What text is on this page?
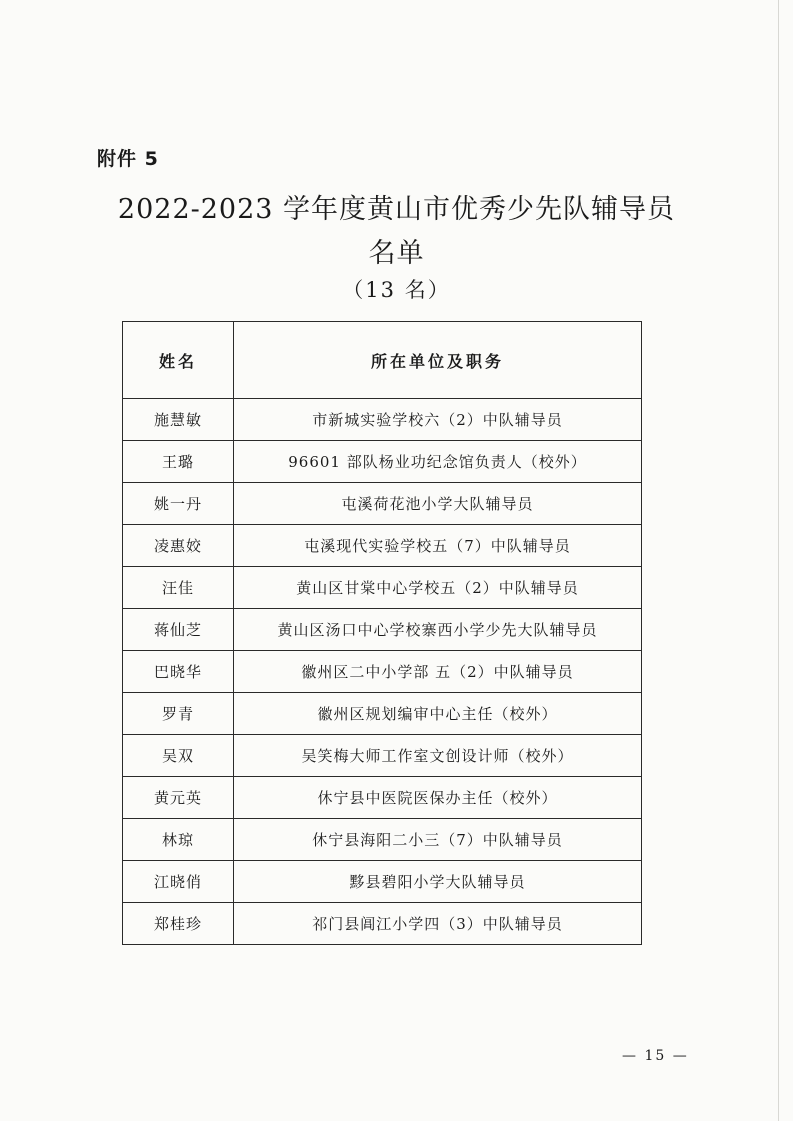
附件 5
2022-2023 学年度黄山市优秀少先队辅导员
名单
（13 名）
姓名	所在单位及职务
施慧敏	市新城实验学校六（2）中队辅导员
王璐	96601 部队杨业功纪念馆负责人（校外）
姚一丹	屯溪荷花池小学大队辅导员
凌惠姣	屯溪现代实验学校五（7）中队辅导员
汪佳	黄山区甘棠中心学校五（2）中队辅导员
蒋仙芝	黄山区汤口中心学校寨西小学少先大队辅导员
巴晓华	徽州区二中小学部 五（2）中队辅导员
罗青	徽州区规划编审中心主任（校外）
吴双	吴笑梅大师工作室文创设计师（校外）
黄元英	休宁县中医院医保办主任（校外）
林琼	休宁县海阳二小三（7）中队辅导员
江晓俏	黟县碧阳小学大队辅导员
郑桂珍	祁门县阊江小学四（3）中队辅导员
— 15 —
